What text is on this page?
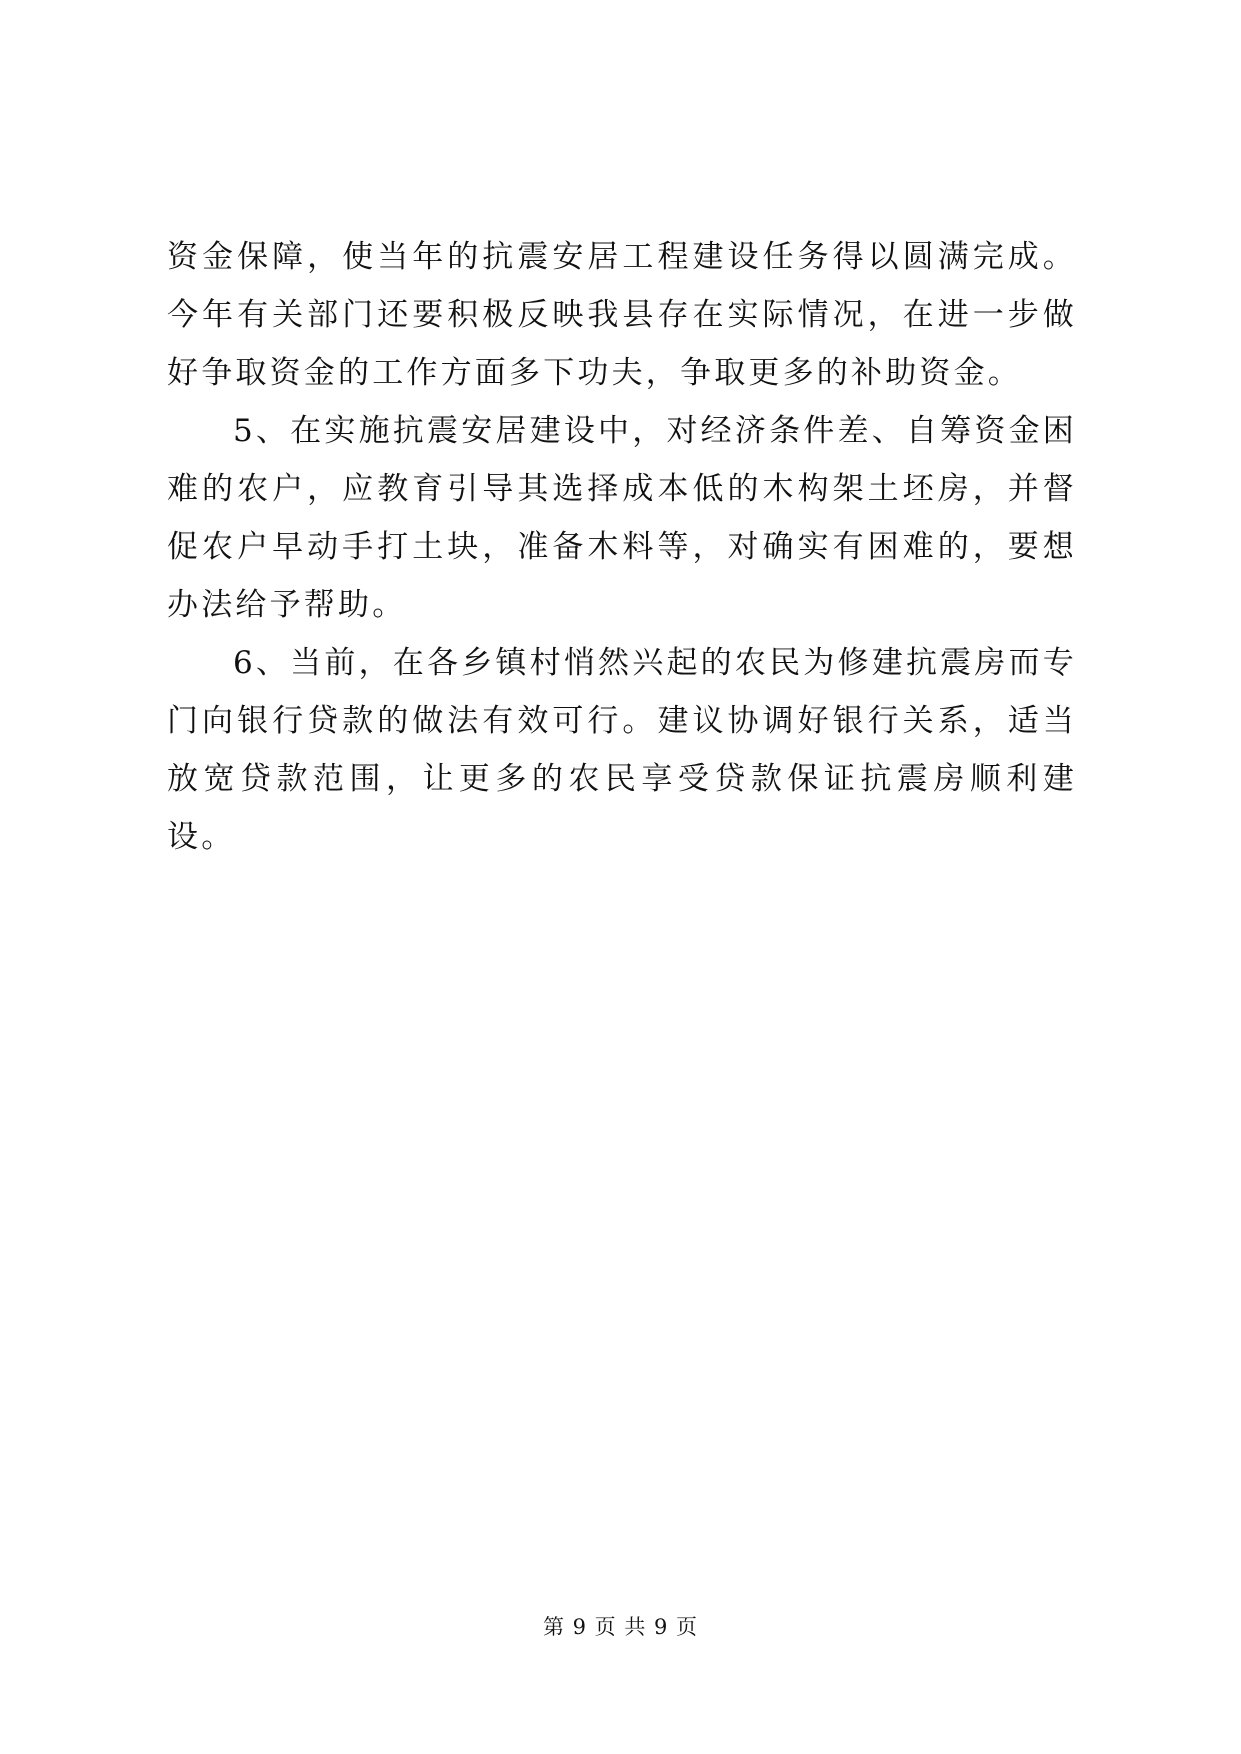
资金保障，使当年的抗震安居工程建设任务得以圆满完成。今年有关部门还要积极反映我县存在实际情况，在进一步做好争取资金的工作方面多下功夫，争取更多的补助资金。

5、在实施抗震安居建设中，对经济条件差、自筹资金困难的农户，应教育引导其选择成本低的木构架土坯房，并督促农户早动手打土块，准备木料等，对确实有困难的，要想办法给予帮助。

6、当前，在各乡镇村悄然兴起的农民为修建抗震房而专门向银行贷款的做法有效可行。建议协调好银行关系，适当放宽贷款范围，让更多的农民享受贷款保证抗震房顺利建设。

第 9 页 共 9 页
